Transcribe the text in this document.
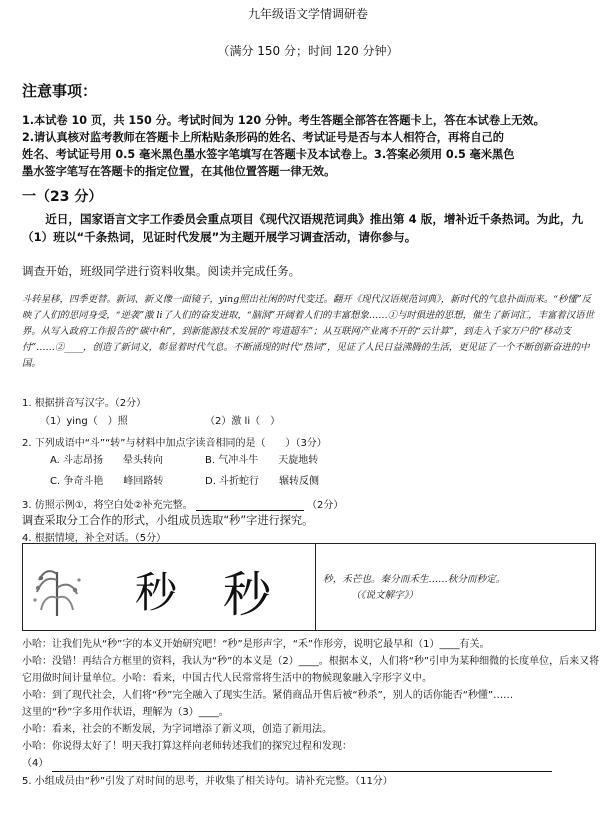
九年级语文学情调研卷
（满分 150 分；时间 120 分钟）
注意事项：

1.本试卷 10 页，共 150 分。考试时间为 120 分钟。考生答题全部答在答题卡上，答在本试卷上无效。

2.请认真核对监考教师在答题卡上所粘贴条形码的姓名、考试证号是否与本人相符合，再将自己的

姓名、考试证号用 0.5 毫米黑色墨水签字笔填写在答题卡及本试卷上。3.答案必须用 0.5 毫米黑色

墨水签字笔写在答题卡的指定位置，在其他位置答题一律无效。

一（23 分）

近日，国家语言文字工作委员会重点项目《现代汉语规范词典》推出第 4 版，增补近千条热词。为此，九（1）班以“千条热词，见证时代发展”为主题开展学习调查活动，请你参与。

调查开始，班级同学进行资料收集。阅读并完成任务。

斗转星移，四季更替。新词、新义像一面镜子，ying照出社闲的时代变迁。翻开《现代汉语规范词典》，新时代的气息扑面而来。“秒懂”反映了人们的思同身受，“逆袭”激 li了人们的奋发进取，“脑洞”开阔着人们的丰富想象……①与时俱进的思想，催生了新词汇，丰富着汉语世界。从写入政府工作报告的“碳中和”，到新能源技术发展的“弯道超车”；从互联网产业离不开的“云计算”，到走入千家万户的“移动支付”……②____，创造了新词义，彰显着时代气息。不断涌现的时代“热词”，见证了人民日益沸腾的生活，更见证了一个不断创新奋进的中国。

1. 根据拼音写汉字。（2分）
（1）ying（　）照	（2）激 li（　）
2. 下列成语中“斗”“转”与材料中加点字读音相同的是（　　）（3分）
A. 斗志昂扬　　晕头转向	B. 气冲斗牛　　天旋地转
C. 争奇斗艳　　峰回路转	D. 斗折蛇行　　辗转反侧
3. 仿照示例①，将空白处②补充完整。	（2分）
调查采取分工合作的形式，小组成员选取“秒”字进行探究。
4. 根据情境，补全对话。（5分）
秒 秒	秒，禾芒也。秦分而禾生……秋分而秒定。
（《说文解字》）

小哈：让我们先从“秒”字的本义开始研究吧！“秒”是形声字，“禾”作形旁，说明它最早和（1）____有关。

小哈：没错！再结合方框里的资料，我认为“秒”的本义是（2）____。根据本义，人们将“秒”引申为某种细微的长度单位，后来又将它用做时间计量单位。小哈：看来，中国古代人民常常将生活中的物候现象融入字形字义中。

小哈：到了现代社会，人们将“秒”完全融入了现实生活。紧俏商品开售后被“秒杀”，别人的话你能否“秒懂”……

这里的“秒”字多用作状语，理解为（3）____。

小哈：看来，社会的不断发展，为字词增添了新义项，创造了新用法。

小哈：你说得太好了！明天我打算这样向老师转述我们的探究过程和发现：

（4）

5. 小组成员由“秒”引发了对时间的思考，并收集了相关诗句。请补充完整。（11分）
